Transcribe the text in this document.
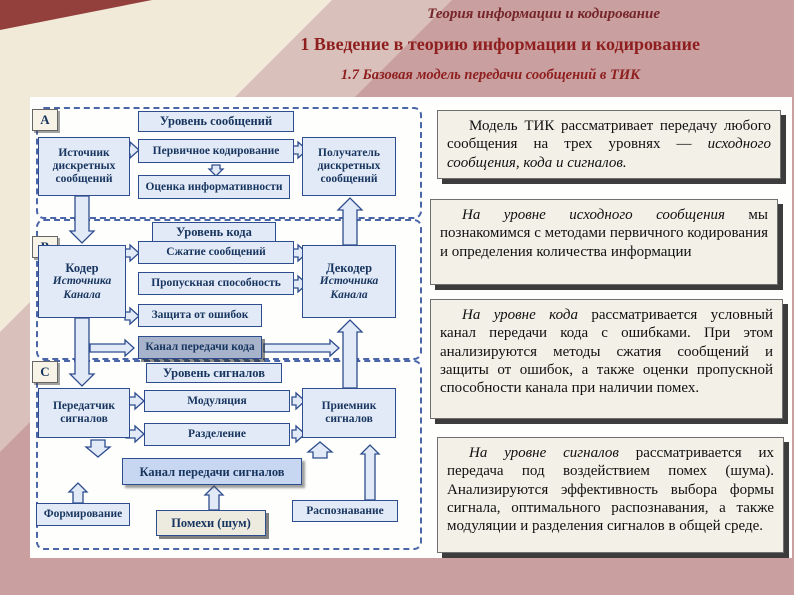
Теория информации и кодирование
1 Введение в теорию информации и кодирование
1.7 Базовая модель передачи сообщений в ТИК
A
C
Уровень сообщений
Источник дискретных сообщений
Первичное кодирование
Оценка информативности
Получатель дискретных сообщений
Уровень кода
Кодер
Источника Канала
Сжатие сообщений
Пропускная способность
Защита от ошибок
Канал передачи кода
Декодер
Источника Канала
Уровень сигналов
Передатчик сигналов
Модуляция
Разделение
Приемник сигналов
Канал передачи сигналов
Формирование
Помехи (шум)
Распознавание

Модель ТИК рассматривает передачу любого сообщения на трех уровнях — исходного сообщения, кода и сигналов.

На уровне исходного сообщения мы познакомимся с методами первичного кодирования и определения количества информации

На уровне кода рассматривается условный канал передачи кода с ошибками. При этом анализируются методы сжатия сообщений и защиты от ошибок, а также оценки пропускной способности канала при наличии помех.

На уровне сигналов рассматривается их передача под воздействием помех (шума). Анализируются эффективность выбора формы сигнала, оптимального распознавания, а также модуляции и разделения сигналов в общей среде.
